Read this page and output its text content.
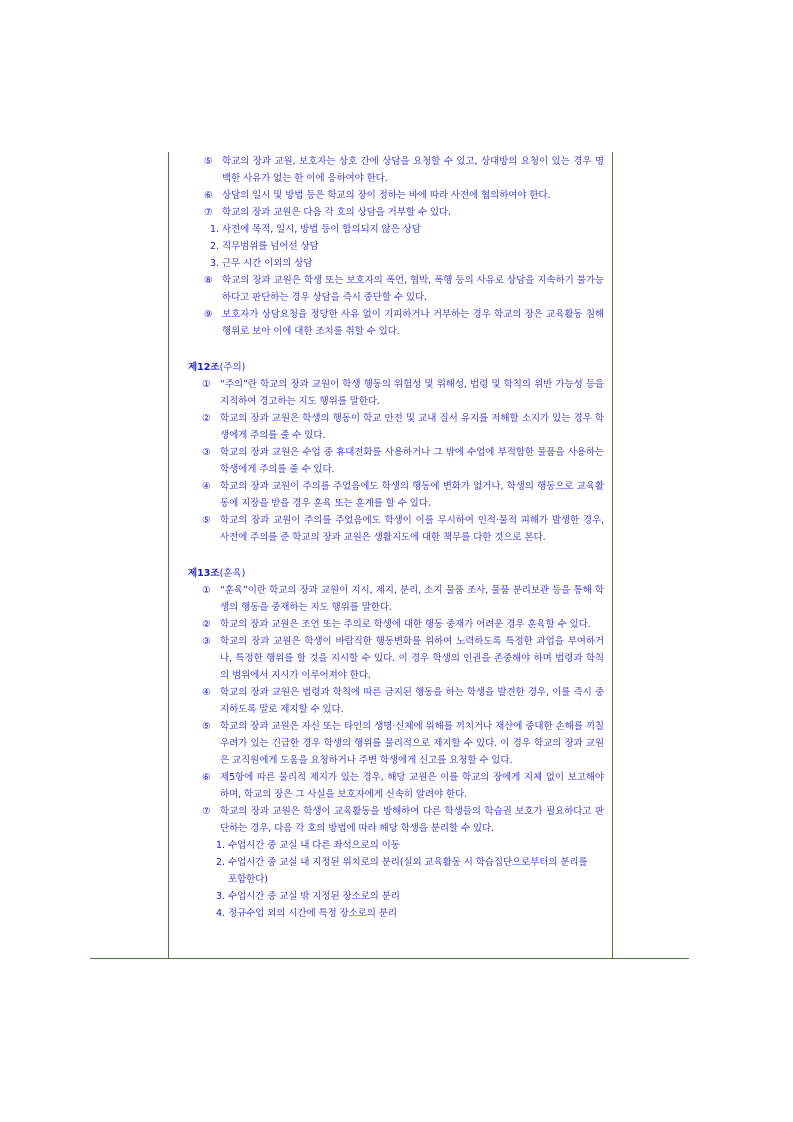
⑤	학교의 장과 교원, 보호자는 상호 간에 상담을 요청할 수 있고, 상대방의 요청이 있는 경우 명백한 사유가 없는 한 이에 응하여야 한다.
⑥	상담의 일시 및 방법 등은 학교의 장이 정하는 바에 따라 사전에 협의하여야 한다.
⑦	학교의 장과 교원은 다음 각 호의 상담을 거부할 수 있다.
1. 사전에 목적, 일시, 방법 등이 합의되지 않은 상담
2. 직무범위를 넘어선 상담
3. 근무 시간 이외의 상담
⑧	학교의 장과 교원은 학생 또는 보호자의 폭언, 협박, 폭행 등의 사유로 상담을 지속하기 불가능하다고 판단하는 경우 상담을 즉시 중단할 수 있다.
⑨	보호자가 상담요청을 정당한 사유 없이 기피하거나 거부하는 경우 학교의 장은 교육활동 침해 행위로 보아 이에 대한 조치를 취할 수 있다.
제12조(주의)
①	“주의”란 학교의 장과 교원이 학생 행동의 위험성 및 위해성, 법령 및 학칙의 위반 가능성 등을 지적하여 경고하는 지도 행위를 말한다.
②	학교의 장과 교원은 학생의 행동이 학교 안전 및 교내 질서 유지를 저해할 소지가 있는 경우 학생에게 주의를 줄 수 있다.
③	학교의 장과 교원은 수업 중 휴대전화를 사용하거나 그 밖에 수업에 부적합한 물품을 사용하는 학생에게 주의를 줄 수 있다.
④	학교의 장과 교원이 주의를 주었음에도 학생의 행동에 변화가 없거나, 학생의 행동으로 교육활동에 지장을 받을 경우 훈육 또는 훈계를 할 수 있다.
⑤	학교의 장과 교원이 주의를 주었음에도 학생이 이를 무시하여 인적·물적 피해가 발생한 경우, 사전에 주의를 준 학교의 장과 교원은 생활지도에 대한 책무를 다한 것으로 본다.
제13조(훈육)
①	“훈육”이란 학교의 장과 교원이 지시, 제지, 분리, 소지 물품 조사, 물품 분리보관 등을 통해 학생의 행동을 중재하는 지도 행위를 말한다.
②	학교의 장과 교원은 조언 또는 주의로 학생에 대한 행동 중재가 어려운 경우 훈육할 수 있다.
③	학교의 장과 교원은 학생이 바람직한 행동변화를 위하여 노력하도록 특정한 과업을 부여하거나, 특정한 행위를 할 것을 지시할 수 있다. 이 경우 학생의 인권을 존중해야 하며 법령과 학칙의 범위에서 지시가 이루어져야 한다.
④	학교의 장과 교원은 법령과 학칙에 따른 금지된 행동을 하는 학생을 발견한 경우, 이를 즉시 중지하도록 말로 제지할 수 있다.
⑤	학교의 장과 교원은 자신 또는 타인의 생명·신체에 위해를 끼치거나 재산에 중대한 손해를 끼칠 우려가 있는 긴급한 경우 학생의 행위를 물리적으로 제지할 수 있다. 이 경우 학교의 장과 교원은 교직원에게 도움을 요청하거나 주변 학생에게 신고를 요청할 수 있다.
⑥	제5항에 따른 물리적 제지가 있는 경우, 해당 교원은 이를 학교의 장에게 지체 없이 보고해야 하며, 학교의 장은 그 사실을 보호자에게 신속히 알려야 한다.
⑦	학교의 장과 교원은 학생이 교육활동을 방해하여 다른 학생들의 학습권 보호가 필요하다고 판단하는 경우, 다음 각 호의 방법에 따라 해당 학생을 분리할 수 있다.
1. 수업시간 중 교실 내 다른 좌석으로의 이동
2. 수업시간 중 교실 내 지정된 위치로의 분리(실외 교육활동 시 학습집단으로부터의 분리를 포함한다)
3. 수업시간 중 교실 밖 지정된 장소로의 분리
4. 정규수업 외의 시간에 특정 장소로의 분리
